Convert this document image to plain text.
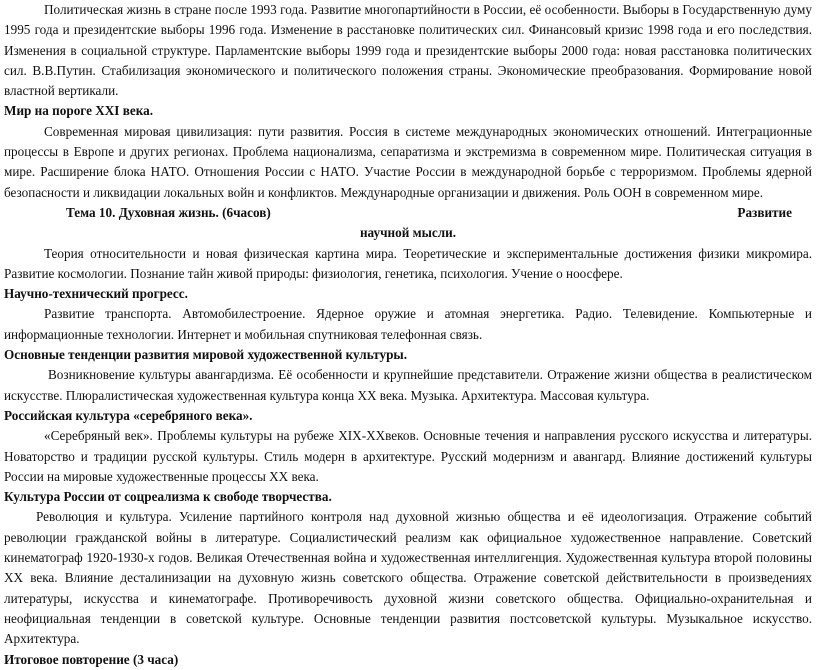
Политическая жизнь в стране после 1993 года. Развитие многопартийности в России, её особенности. Выборы в Государственную думу 1995 года и президентские выборы 1996 года. Изменение в расстановке политических сил. Финансовый кризис 1998 года и его последствия. Изменения в социальной структуре. Парламентские выборы 1999 года и президентские выборы 2000 года: новая расстановка политических сил. В.В.Путин. Стабилизация экономического и политического положения страны. Экономические преобразования. Формирование новой властной вертикали.

Мир на пороге XXI века.

Современная мировая цивилизация: пути развития. Россия в системе международных экономических отношений. Интеграционные процессы в Европе и других регионах. Проблема национализма, сепаратизма и экстремизма в современном мире. Политическая ситуация в мире. Расширение блока НАТО. Отношения России с НАТО. Участие России в международной борьбе с терроризмом. Проблемы ядерной безопасности и ликвидации локальных войн и конфликтов. Международные организации и движения. Роль ООН в современном мире.

Тема 10. Духовная жизнь. (6часов)	Развитие
научной мысли.

Теория относительности и новая физическая картина мира. Теоретические и экспериментальные достижения физики микромира. Развитие космологии. Познание тайн живой природы: физиология, генетика, психология. Учение о ноосфере.

Научно-технический прогресс.

Развитие транспорта. Автомобилестроение. Ядерное оружие и атомная энергетика. Радио. Телевидение. Компьютерные и информационные технологии. Интернет и мобильная спутниковая телефонная связь.

Основные тенденции развития мировой художественной культуры.

Возникновение культуры авангардизма. Её особенности и крупнейшие представители. Отражение жизни общества в реалистическом искусстве. Плюралистическая художественная культура конца XX века. Музыка. Архитектура. Массовая культура.

Российская культура «серебряного века».

«Серебряный век». Проблемы культуры на рубеже XIX-XXвеков. Основные течения и направления русского искусства и литературы. Новаторство и традиции русской культуры. Стиль модерн в архитектуре. Русский модернизм и авангард. Влияние достижений культуры России на мировые художественные процессы XX века.

Культура России от соцреализма к свободе творчества.

Революция и культура. Усиление партийного контроля над духовной жизнью общества и её идеологизация. Отражение событий революции гражданской войны в литературе. Социалистический реализм как официальное художественное направление. Советский кинематограф 1920-1930-х годов. Великая Отечественная война и художественная интеллигенция. Художественная культура второй половины XX века. Влияние десталинизации на духовную жизнь советского общества. Отражение советской действительности в произведениях литературы, искусства и кинематографе. Противоречивость духовной жизни советского общества. Официально-охранительная и неофициальная тенденции в советской культуре. Основные тенденции развития постсоветской культуры. Музыкальное искусство. Архитектура.

Итоговое повторение (3 часа)
